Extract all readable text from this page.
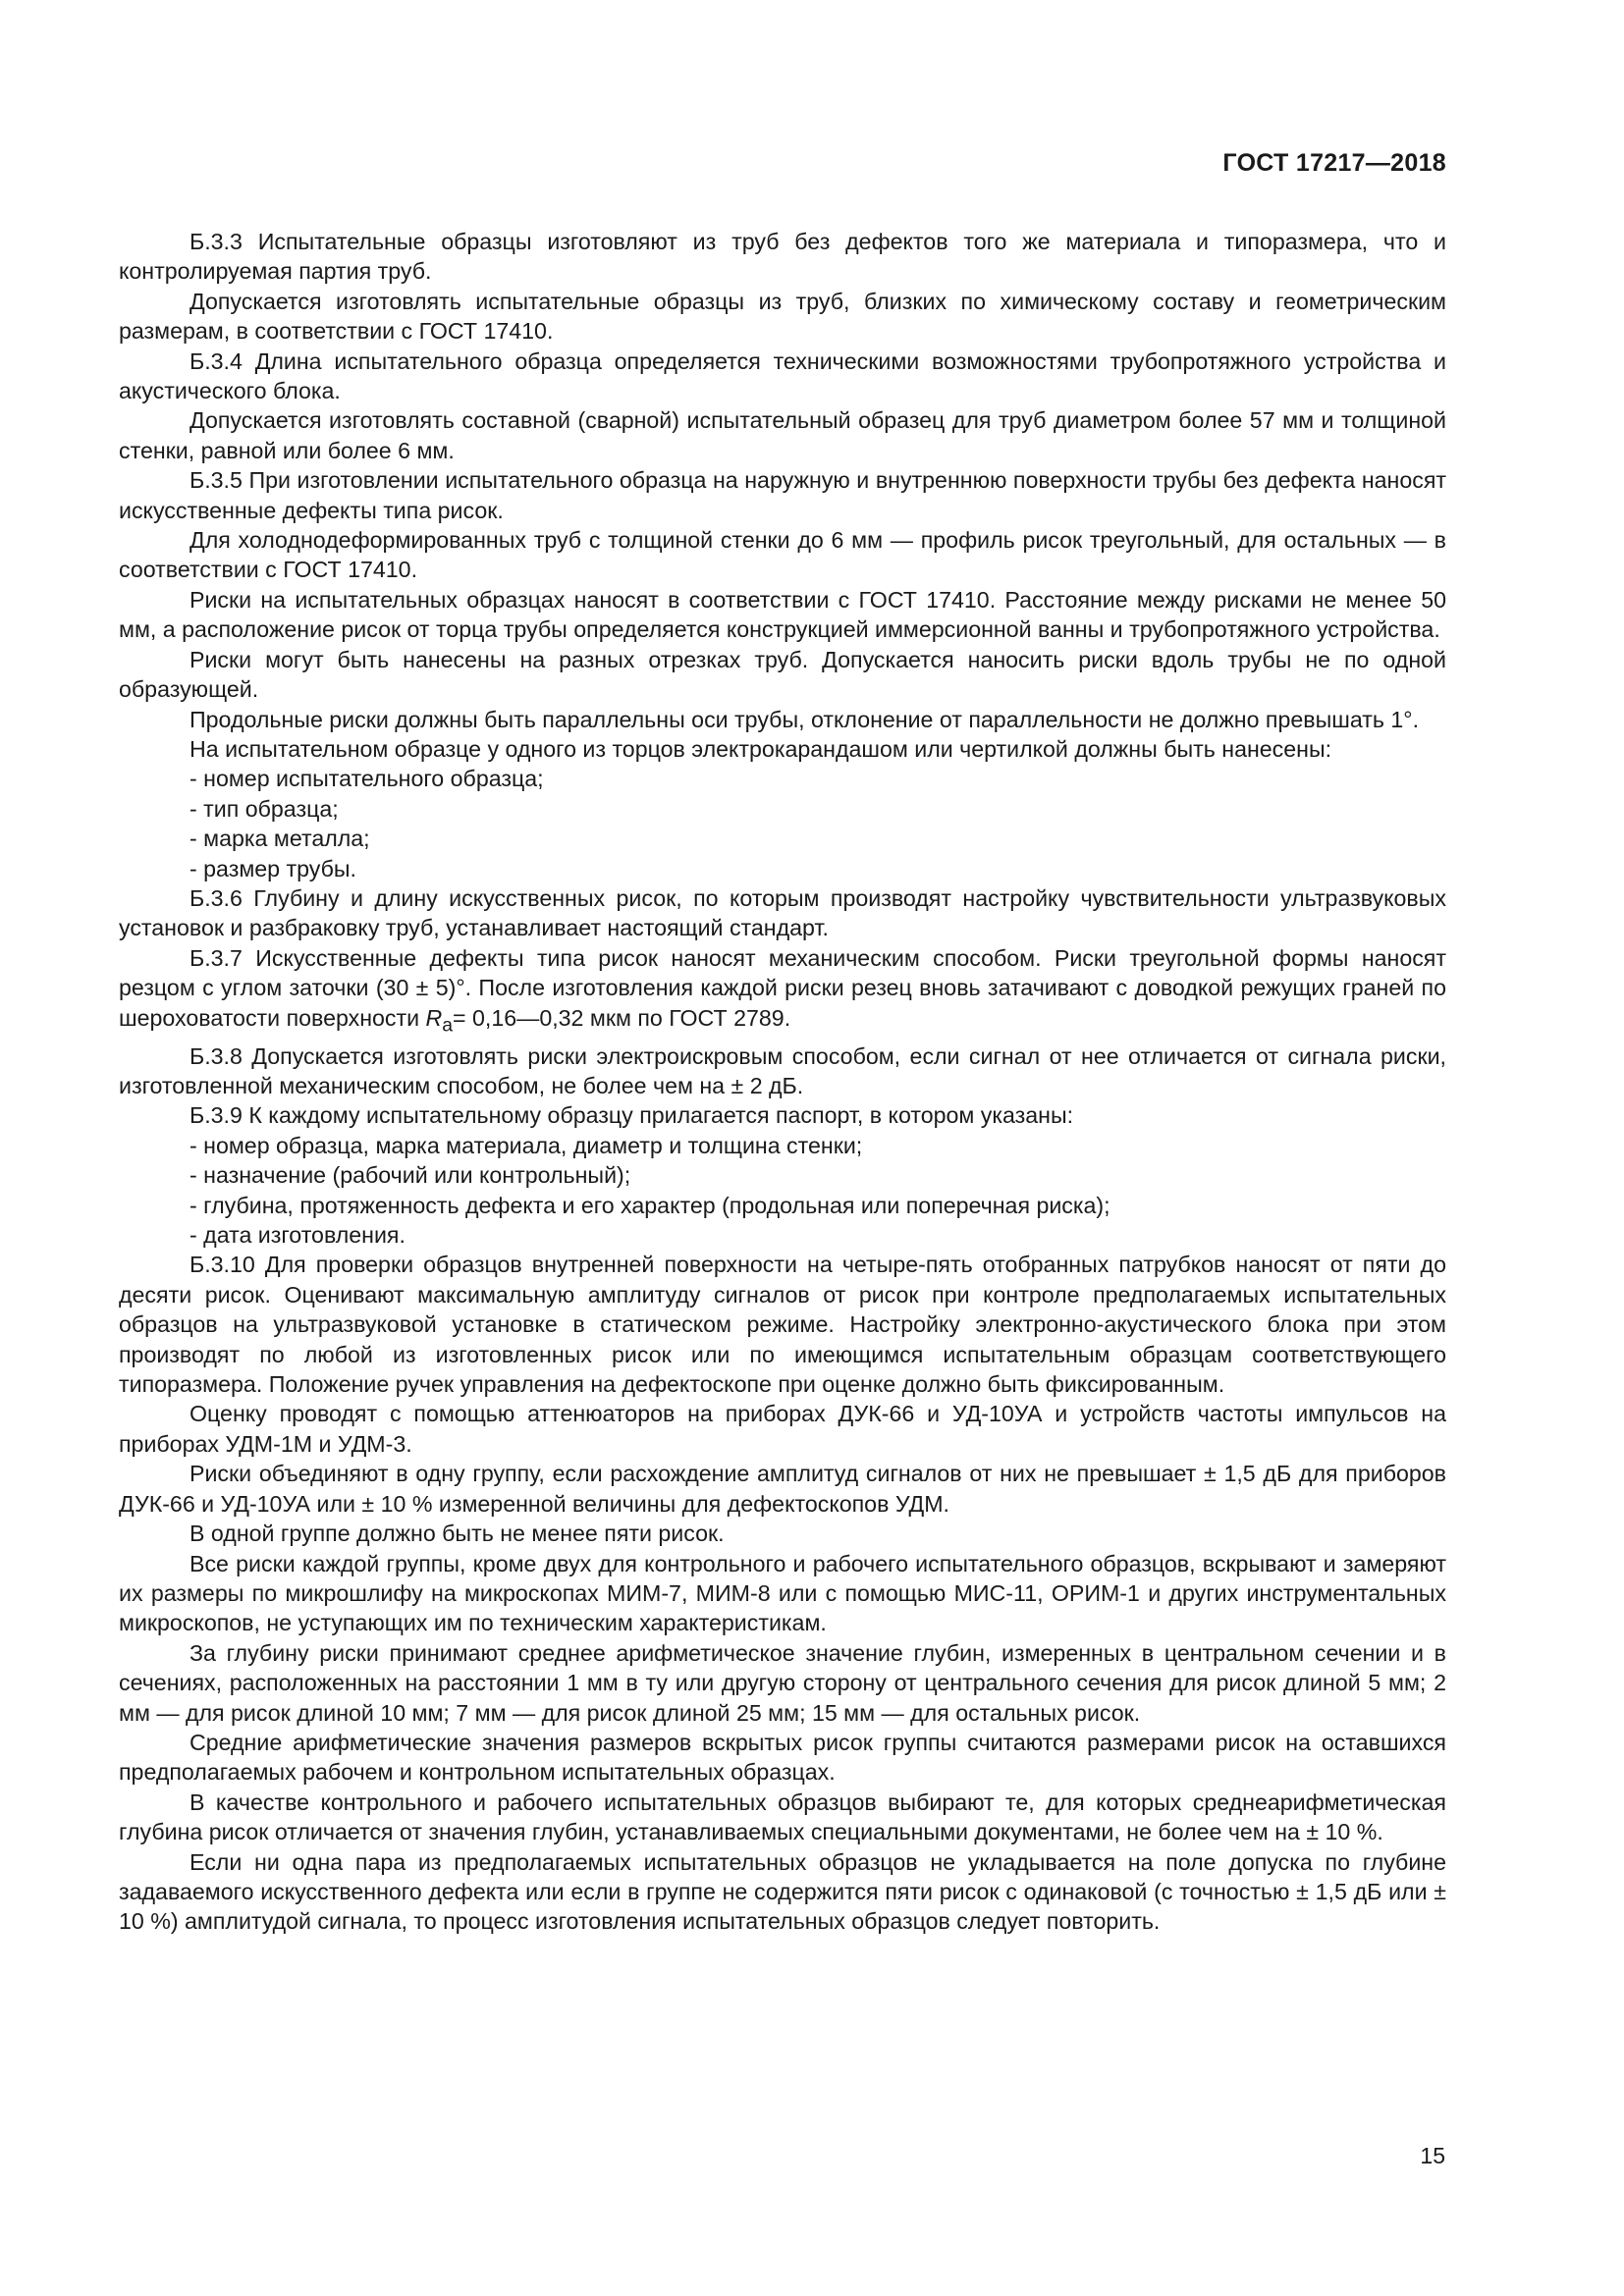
ГОСТ 17217—2018

Б.3.3 Испытательные образцы изготовляют из труб без дефектов того же материала и типоразмера, что и контролируемая партия труб.

Допускается изготовлять испытательные образцы из труб, близких по химическому составу и геометрическим размерам, в соответствии с ГОСТ 17410.

Б.3.4 Длина испытательного образца определяется техническими возможностями трубопротяжного устройства и акустического блока.

Допускается изготовлять составной (сварной) испытательный образец для труб диаметром более 57 мм и толщиной стенки, равной или более 6 мм.

Б.3.5 При изготовлении испытательного образца на наружную и внутреннюю поверхности трубы без дефекта наносят искусственные дефекты типа рисок.

Для холоднодеформированных труб с толщиной стенки до 6 мм — профиль рисок треугольный, для остальных — в соответствии с ГОСТ 17410.

Риски на испытательных образцах наносят в соответствии с ГОСТ 17410. Расстояние между рисками не менее 50 мм, а расположение рисок от торца трубы определяется конструкцией иммерсионной ванны и трубопротяжного устройства.

Риски могут быть нанесены на разных отрезках труб. Допускается наносить риски вдоль трубы не по одной образующей.

Продольные риски должны быть параллельны оси трубы, отклонение от параллельности не должно превышать 1°.

На испытательном образце у одного из торцов электрокарандашом или чертилкой должны быть нанесены:

- номер испытательного образца;

- тип образца;

- марка металла;

- размер трубы.

Б.3.6 Глубину и длину искусственных рисок, по которым производят настройку чувствительности ультразвуковых установок и разбраковку труб, устанавливает настоящий стандарт.

Б.3.7 Искусственные дефекты типа рисок наносят механическим способом. Риски треугольной формы наносят резцом с углом заточки (30 ± 5)°. После изготовления каждой риски резец вновь затачивают с доводкой режущих граней по шероховатости поверхности $R_a=$ 0,16—0,32 мкм по ГОСТ 2789.

Б.3.8 Допускается изготовлять риски электроискровым способом, если сигнал от нее отличается от сигнала риски, изготовленной механическим способом, не более чем на ± 2 дБ.

Б.3.9 К каждому испытательному образцу прилагается паспорт, в котором указаны:

- номер образца, марка материала, диаметр и толщина стенки;

- назначение (рабочий или контрольный);

- глубина, протяженность дефекта и его характер (продольная или поперечная риска);

- дата изготовления.

Б.3.10 Для проверки образцов внутренней поверхности на четыре-пять отобранных патрубков наносят от пяти до десяти рисок. Оценивают максимальную амплитуду сигналов от рисок при контроле предполагаемых испытательных образцов на ультразвуковой установке в статическом режиме. Настройку электронно-акустического блока при этом производят по любой из изготовленных рисок или по имеющимся испытательным образцам соответствующего типоразмера. Положение ручек управления на дефектоскопе при оценке должно быть фиксированным.

Оценку проводят с помощью аттенюаторов на приборах ДУК-66 и УД-10УА и устройств частоты импульсов на приборах УДМ-1М и УДМ-3.

Риски объединяют в одну группу, если расхождение амплитуд сигналов от них не превышает ± 1,5 дБ для приборов ДУК-66 и УД-10УА или ± 10 % измеренной величины для дефектоскопов УДМ.

В одной группе должно быть не менее пяти рисок.

Все риски каждой группы, кроме двух для контрольного и рабочего испытательного образцов, вскрывают и замеряют их размеры по микрошлифу на микроскопах МИМ-7, МИМ-8 или с помощью МИС-11, ОРИМ-1 и других инструментальных микроскопов, не уступающих им по техническим характеристикам.

За глубину риски принимают среднее арифметическое значение глубин, измеренных в центральном сечении и в сечениях, расположенных на расстоянии 1 мм в ту или другую сторону от центрального сечения для рисок длиной 5 мм; 2 мм — для рисок длиной 10 мм; 7 мм — для рисок длиной 25 мм; 15 мм — для остальных рисок.

Средние арифметические значения размеров вскрытых рисок группы считаются размерами рисок на оставшихся предполагаемых рабочем и контрольном испытательных образцах.

В качестве контрольного и рабочего испытательных образцов выбирают те, для которых среднеарифметическая глубина рисок отличается от значения глубин, устанавливаемых специальными документами, не более чем на ± 10 %.

Если ни одна пара из предполагаемых испытательных образцов не укладывается на поле допуска по глубине задаваемого искусственного дефекта или если в группе не содержится пяти рисок с одинаковой (с точностью ± 1,5 дБ или ± 10 %) амплитудой сигнала, то процесс изготовления испытательных образцов следует повторить.

15
